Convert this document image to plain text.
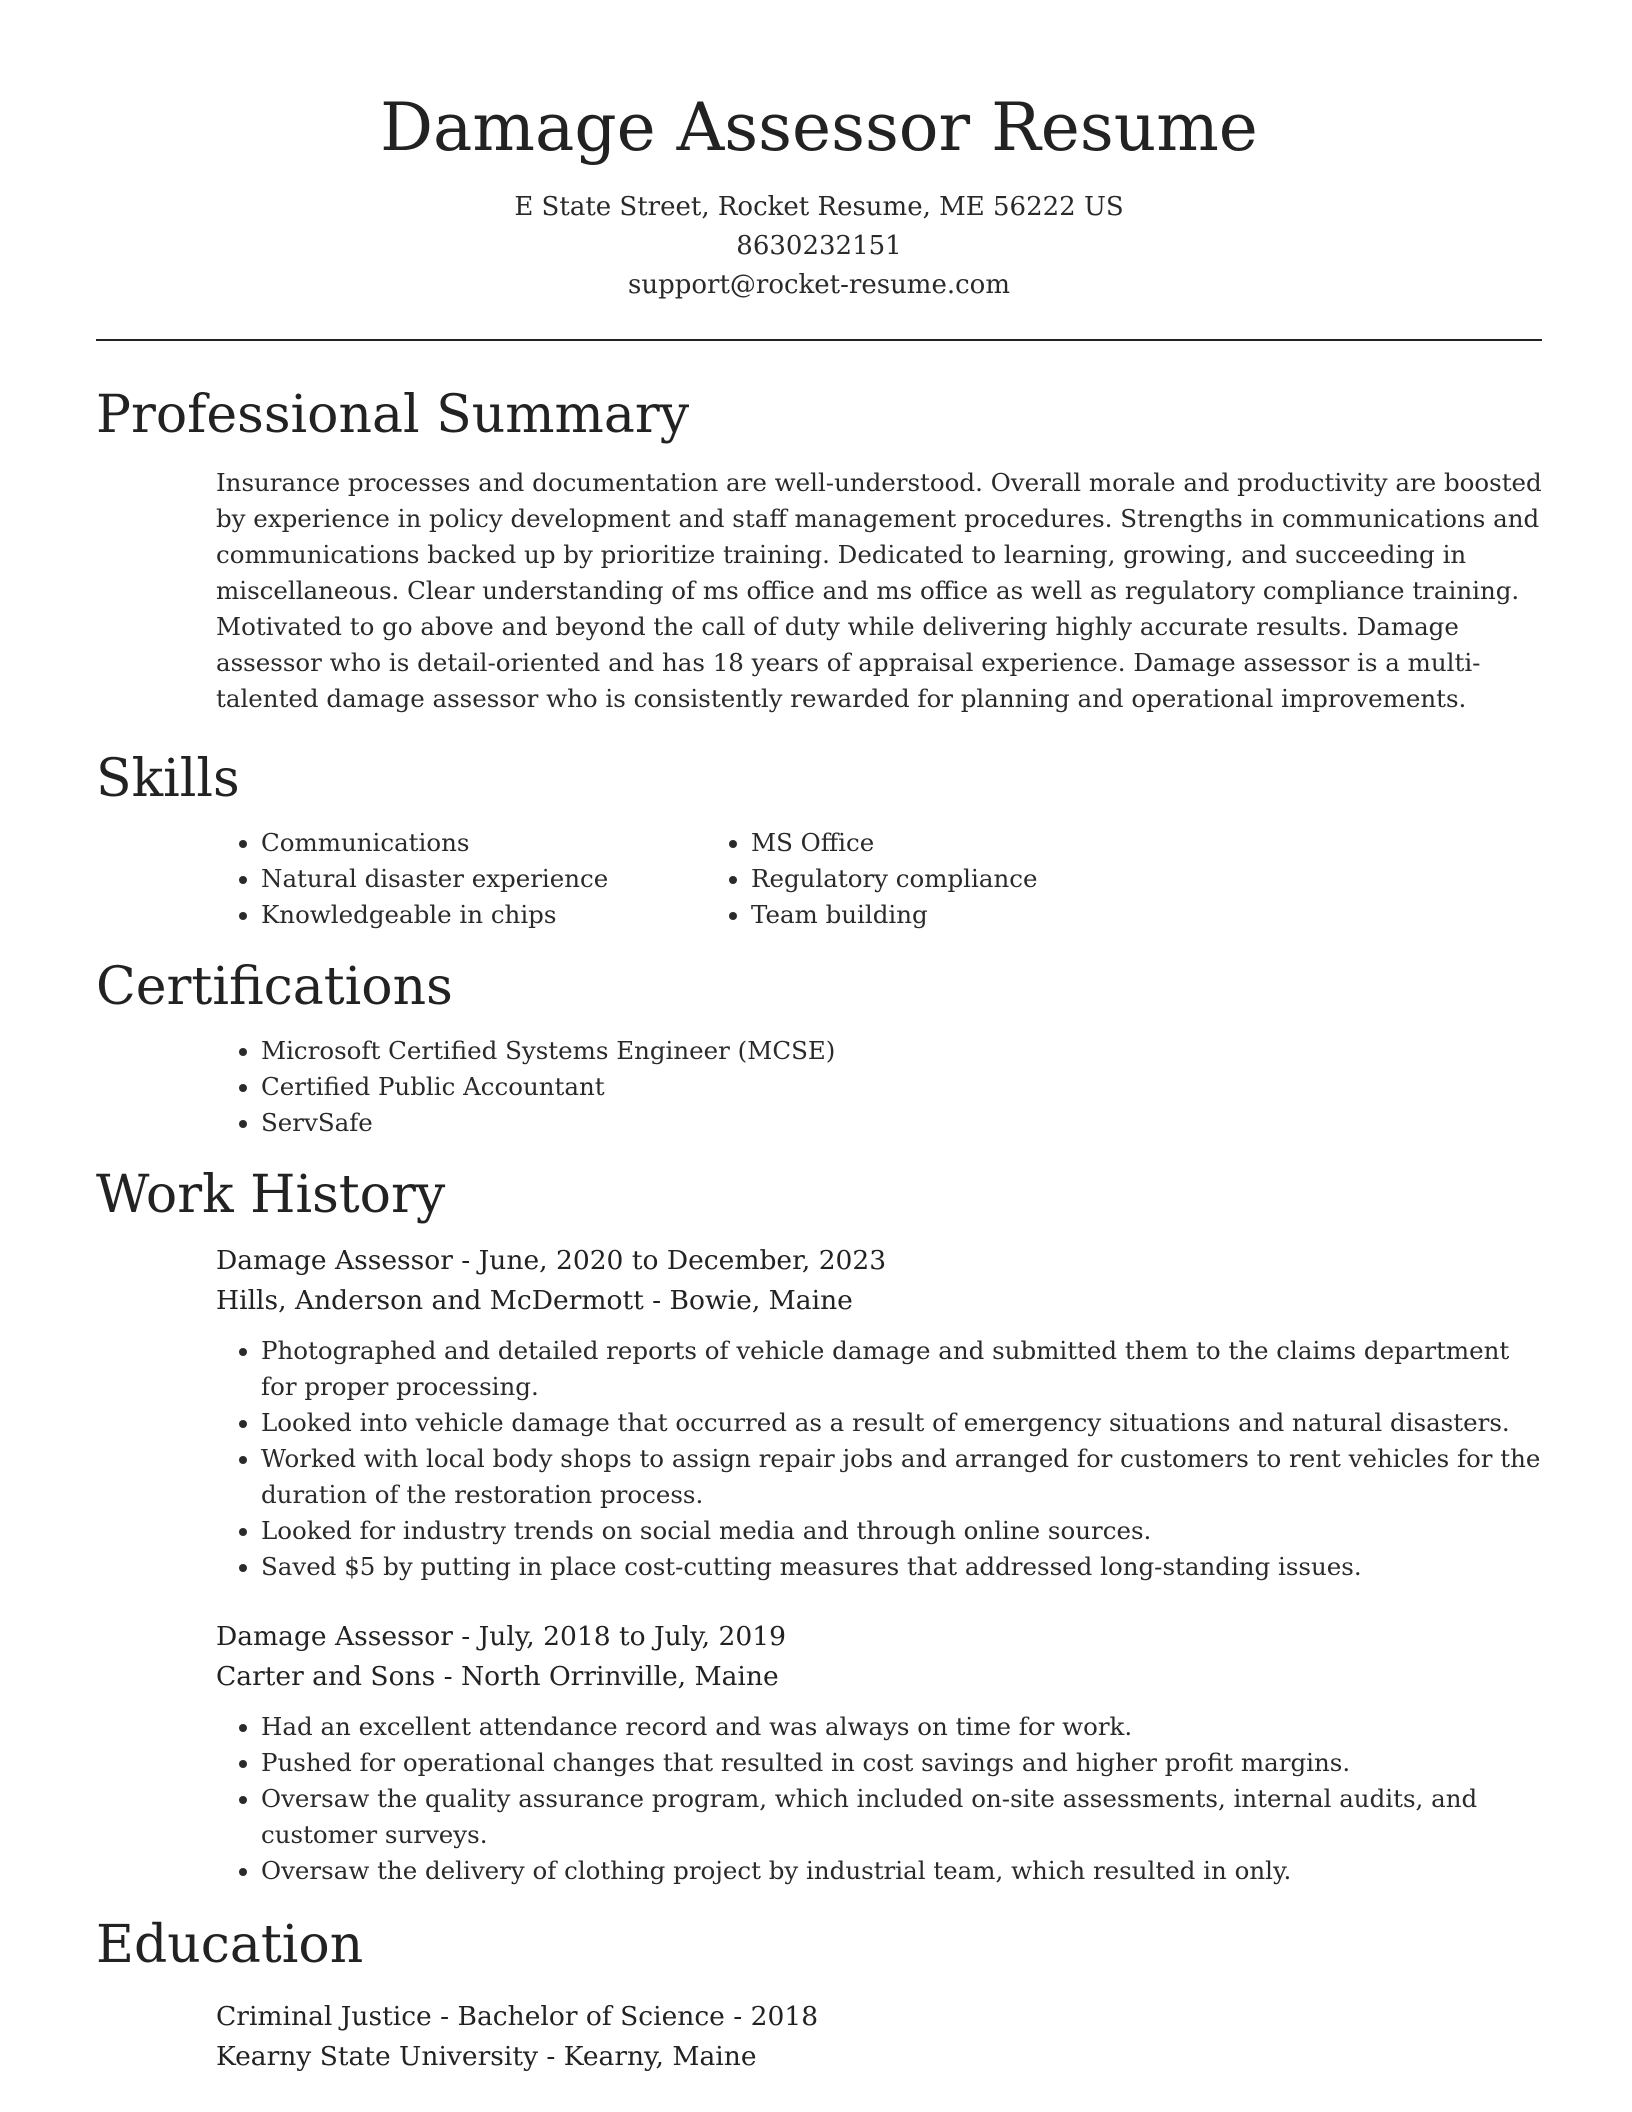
Damage Assessor Resume
E State Street, Rocket Resume, ME 56222 US
8630232151
support@rocket-resume.com
Professional Summary

Insurance processes and documentation are well-understood. Overall morale and productivity are boosted by experience in policy development and staff management procedures. Strengths in communications and communications backed up by prioritize training. Dedicated to learning, growing, and succeeding in miscellaneous. Clear understanding of ms office and ms office as well as regulatory compliance training. Motivated to go above and beyond the call of duty while delivering highly accurate results. Damage assessor who is detail-oriented and has 18 years of appraisal experience. Damage assessor is a multi-talented damage assessor who is consistently rewarded for planning and operational improvements.

Skills
• Communications
• Natural disaster experience
• Knowledgeable in chips
• MS Office
• Regulatory compliance
• Team building
Certifications
• Microsoft Certified Systems Engineer (MCSE)
• Certified Public Accountant
• ServSafe
Work History
Damage Assessor - June, 2020 to December, 2023
Hills, Anderson and McDermott - Bowie, Maine
• Photographed and detailed reports of vehicle damage and submitted them to the claims department for proper processing.
• Looked into vehicle damage that occurred as a result of emergency situations and natural disasters.
• Worked with local body shops to assign repair jobs and arranged for customers to rent vehicles for the duration of the restoration process.
• Looked for industry trends on social media and through online sources.
• Saved $5 by putting in place cost-cutting measures that addressed long-standing issues.
Damage Assessor - July, 2018 to July, 2019
Carter and Sons - North Orrinville, Maine
• Had an excellent attendance record and was always on time for work.
• Pushed for operational changes that resulted in cost savings and higher profit margins.
• Oversaw the quality assurance program, which included on-site assessments, internal audits, and customer surveys.
• Oversaw the delivery of clothing project by industrial team, which resulted in only.
Education
Criminal Justice - Bachelor of Science - 2018
Kearny State University - Kearny, Maine
